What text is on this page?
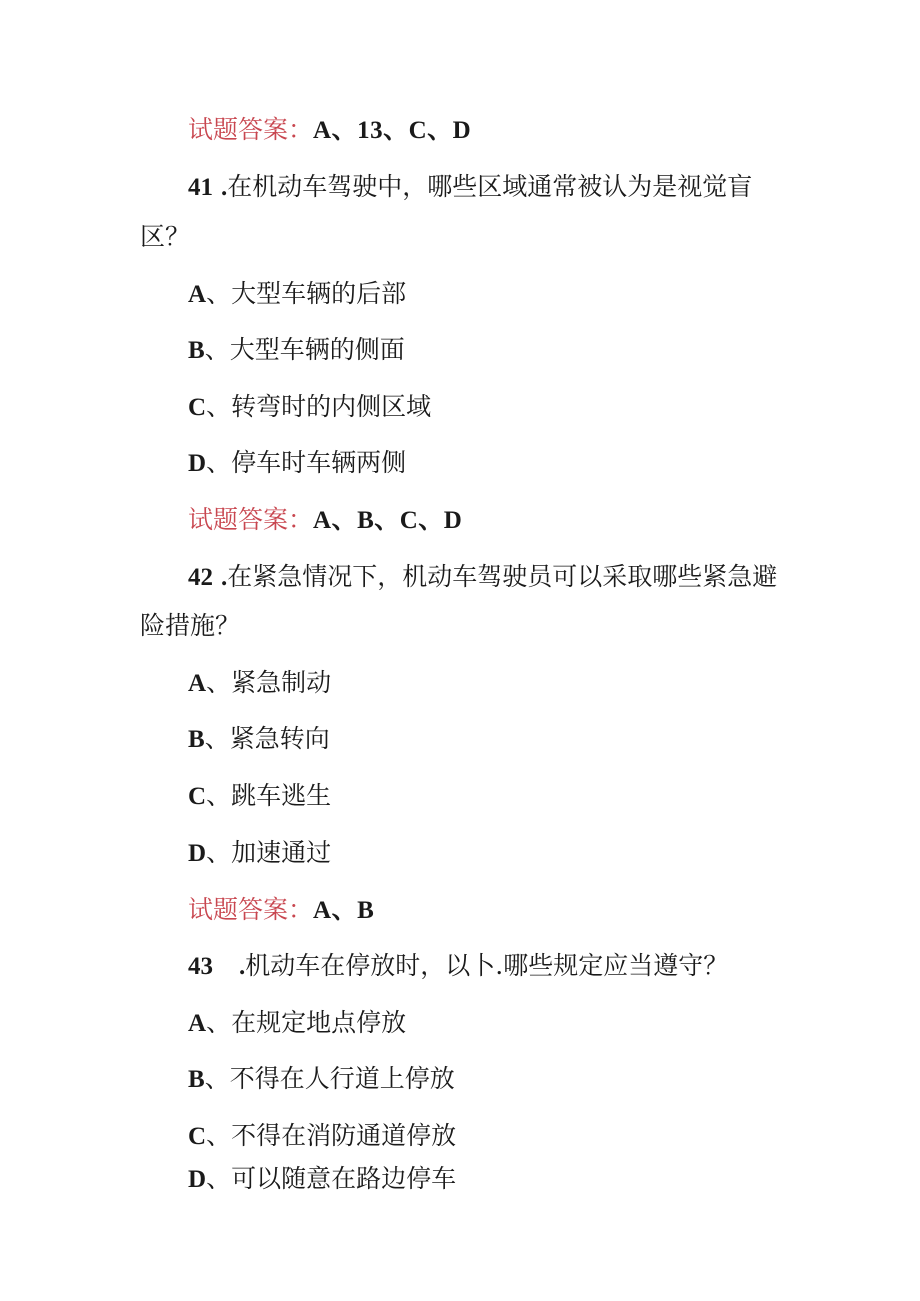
试题答案：A、13、C、D
41 .在机动车驾驶中，哪些区域通常被认为是视觉盲
区？
A、大型车辆的后部
B、大型车辆的侧面
C、转弯时的内侧区域
D、停车时车辆两侧
试题答案：A、B、C、D
42 .在紧急情况下，机动车驾驶员可以采取哪些紧急避
险措施？
A、紧急制动
B、紧急转向
C、跳车逃生
D、加速通过
试题答案：A、B
43 .机动车在停放时，以卜.哪些规定应当遵守？
A、在规定地点停放
B、不得在人行道上停放
C、不得在消防通道停放
D、可以随意在路边停车
